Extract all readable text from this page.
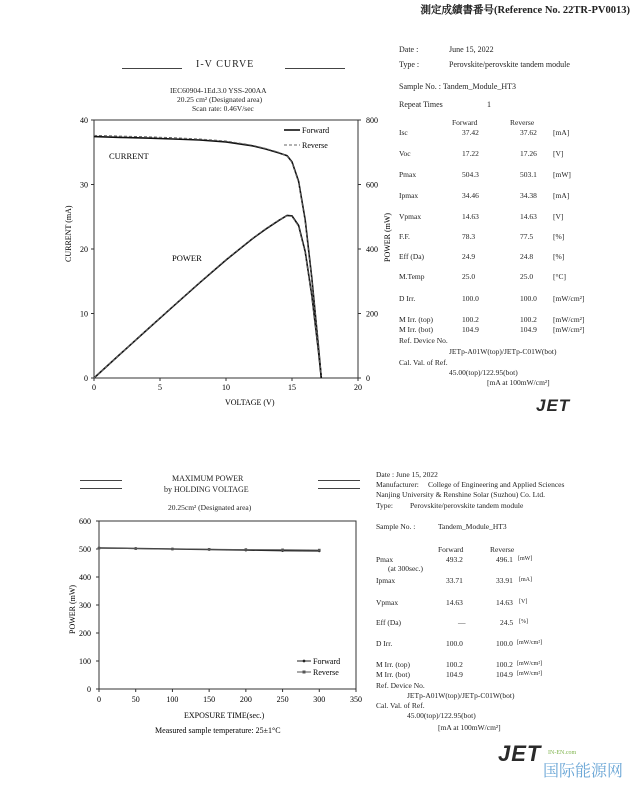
測定成績書番号(Reference No. 22TR-PV0013)
I-V CURVE
IEC60904-1Ed.3.0 YSS-200AA
20.25 cm² (Designated area)
Scan rate: 0.46V/sec
0	5	10	15	20
0
10
20
30
40
0
200
400
600
800
CURRENT
POWER
VOLTAGE (V)
CURRENT (mA)	POWER (mW)
Forward
Reverse
Date :	June 15, 2022
Type :	Perovskite/perovskite tandem module
Sample No. : Tandem_Module_HT3
Repeat Times	1
Forward	Reverse
Isc	37.42	37.62 [mA]
Voc	17.22	17.26 [V]
Pmax	504.3	503.1 [mW]
Ipmax	34.46	34.38 [mA]
Vpmax	14.63	14.63 [V]
F.F.	78.3	77.5	[%]
Eff (Da)	24.9	24.8	[%]
M.Temp	25.0	25.0	[°C]
D Irr.	100.0	100.0 [mW/cm²]
M Irr. (top)	100.2	100.2 [mW/cm²]
M Irr. (bot)	104.9	104.9 [mW/cm²]
Ref. Device No.
JETp-A01W(top)/JETp-C01W(bot)
Cal. Val. of Ref.
45.00(top)/122.95(bot)
[mA at 100mW/cm²]
JET
MAXIMUM POWER
by HOLDING VOLTAGE
20.25cm² (Designated area)
0	50	100	150	200	250	300	350
0
100
200
300
400
500
600
EXPOSURE TIME(sec.)
Measured sample temperature: 25±1°C
POWER (mW)
Forward
Reverse
Date : June 15, 2022
Manufacturer: College of Engineering and Applied Sciences
Nanjing University & Renshine Solar (Suzhou) Co. Ltd.
Type: Perovskite/perovskite tandem module
Sample No. :	Tandem_Module_HT3
Forward	Reverse
Pmax
(at 300sec.)
493.2	496.1 [mW]
Ipmax	33.71	33.91 [mA]
Vpmax	14.63	14.63 [V]
Eff (Da)	—	24.5 [%]
D Irr.	100.0	100.0 [mW/cm²]
M Irr. (top)	100.2	100.2 [mW/cm²]
M Irr. (bot)	104.9	104.9 [mW/cm²]
Ref. Device No.
JETp-A01W(top)/JETp-C01W(bot)
Cal. Val. of Ref.
45.00(top)/122.95(bot)
[mA at 100mW/cm²]
JET IN-EN.com
国际能源网
